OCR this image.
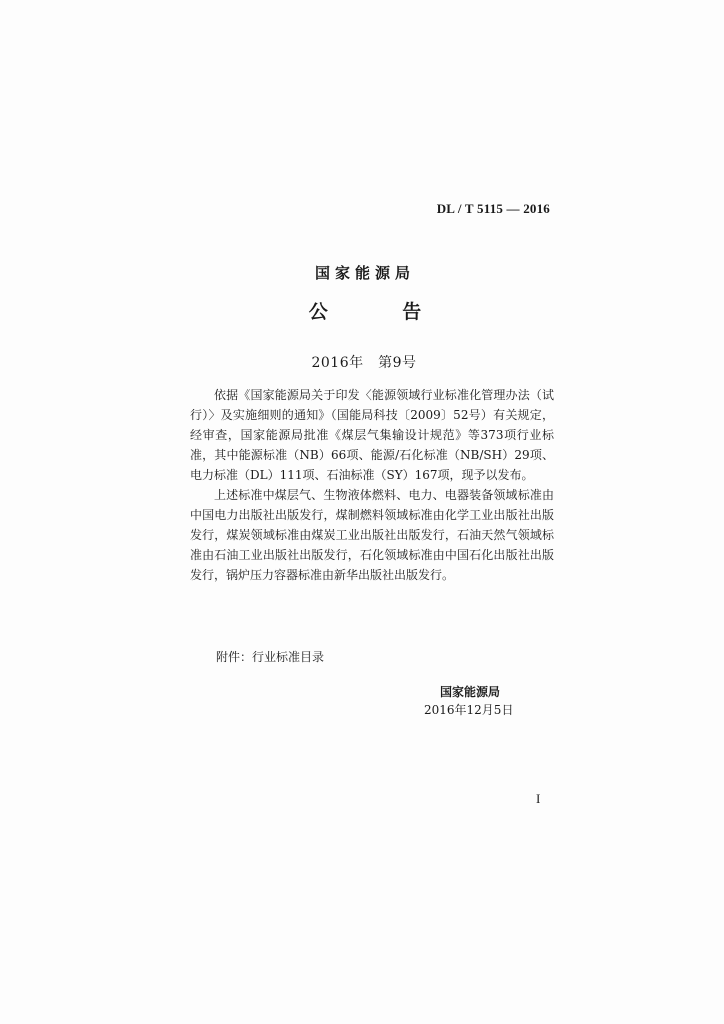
DL / T 5115 — 2016
国家能源局
公 告
2016年　第9号

依据《国家能源局关于印发〈能源领域行业标准化管理办法（试行）〉及实施细则的通知》（国能局科技〔2009〕52号）有关规定，经审查，国家能源局批准《煤层气集输设计规范》等373项行业标准，其中能源标准（NB）66项、能源/石化标准（NB/SH）29项、电力标准（DL）111项、石油标准（SY）167项，现予以发布。

上述标准中煤层气、生物液体燃料、电力、电器装备领域标准由中国电力出版社出版发行，煤制燃料领域标准由化学工业出版社出版发行，煤炭领域标准由煤炭工业出版社出版发行，石油天然气领域标准由石油工业出版社出版发行，石化领域标准由中国石化出版社出版发行，锅炉压力容器标准由新华出版社出版发行。

附件：行业标准目录
国家能源局
2016年12月5日
I
